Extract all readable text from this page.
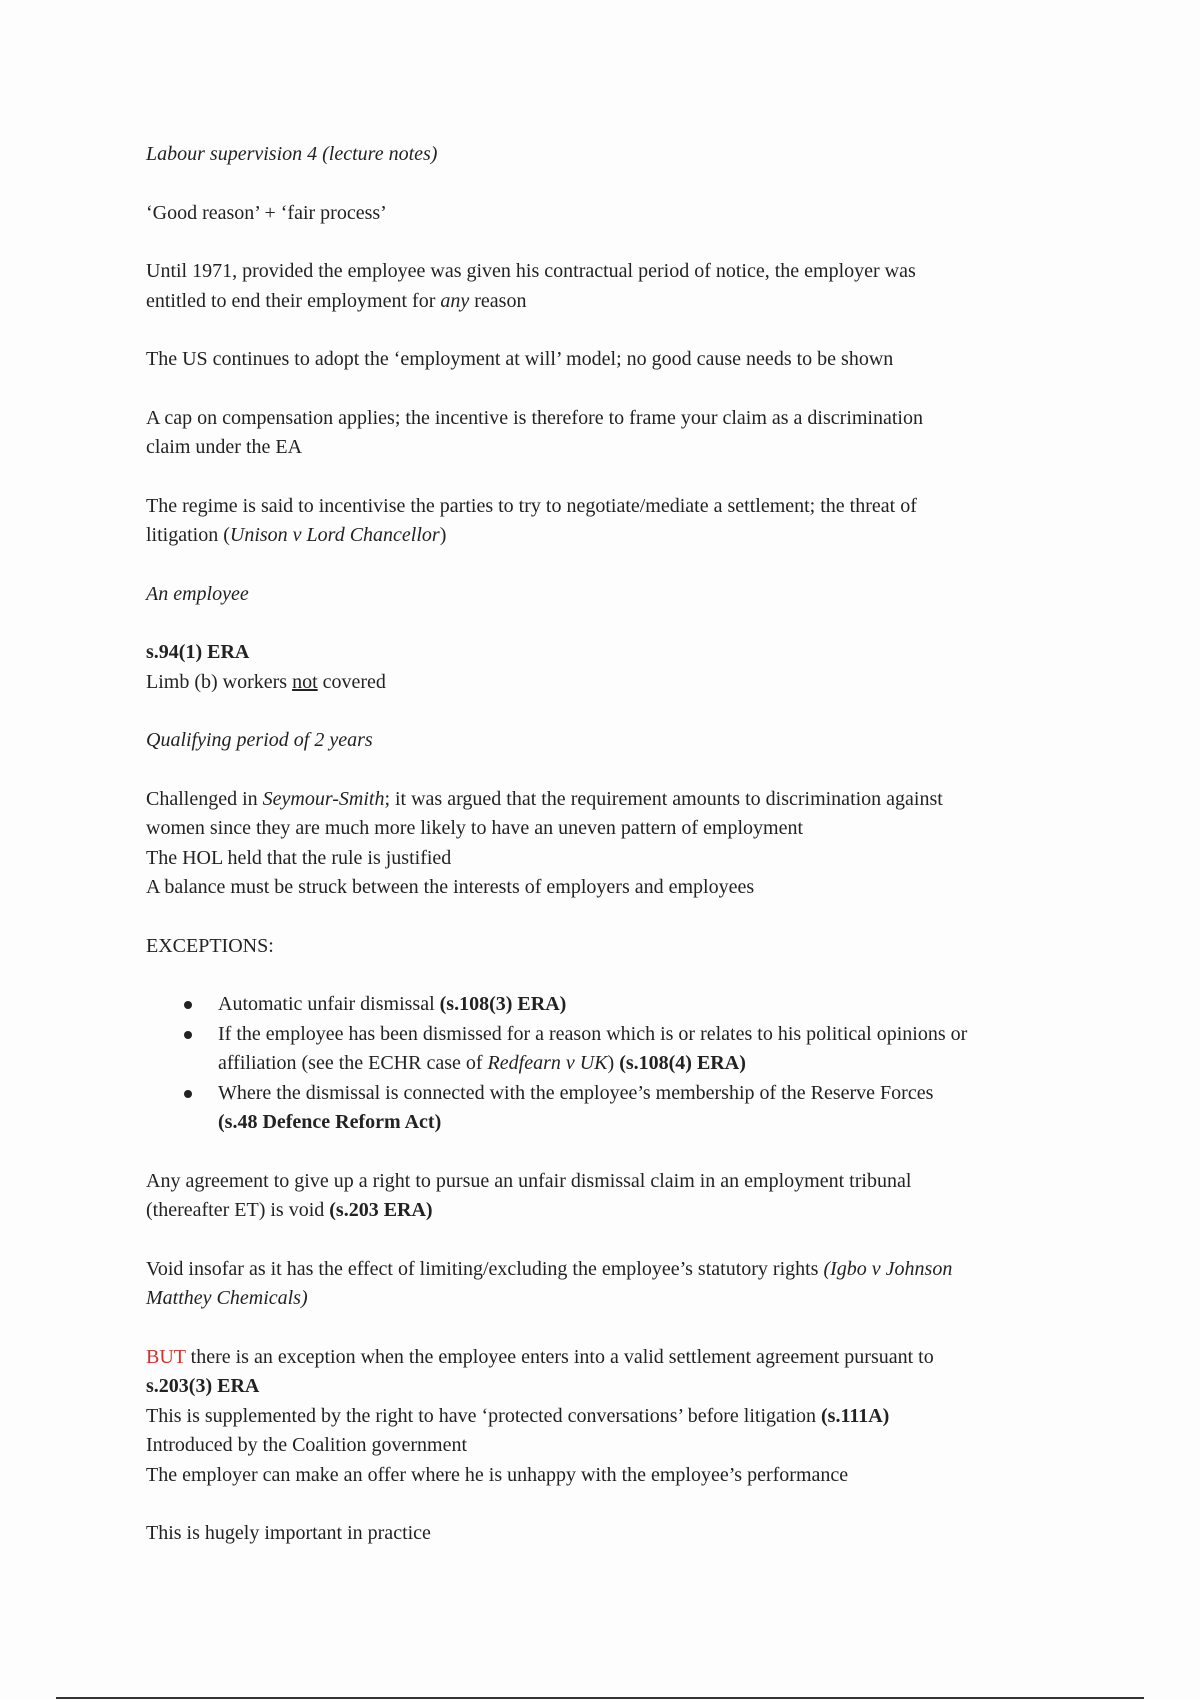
Labour supervision 4 (lecture notes)

‘Good reason’ + ‘fair process’

Until 1971, provided the employee was given his contractual period of notice, the employer was
entitled to end their employment for any reason

The US continues to adopt the ‘employment at will’ model; no good cause needs to be shown

A cap on compensation applies; the incentive is therefore to frame your claim as a discrimination
claim under the EA

The regime is said to incentivise the parties to try to negotiate/mediate a settlement; the threat of
litigation (Unison v Lord Chancellor)

An employee

s.94(1) ERA
Limb (b) workers not covered

Qualifying period of 2 years

Challenged in Seymour-Smith; it was argued that the requirement amounts to discrimination against
women since they are much more likely to have an uneven pattern of employment
The HOL held that the rule is justified
A balance must be struck between the interests of employers and employees

EXCEPTIONS:

Automatic unfair dismissal (s.108(3) ERA)
If the employee has been dismissed for a reason which is or relates to his political opinions or
affiliation (see the ECHR case of Redfearn v UK) (s.108(4) ERA)
Where the dismissal is connected with the employee’s membership of the Reserve Forces
(s.48 Defence Reform Act)

Any agreement to give up a right to pursue an unfair dismissal claim in an employment tribunal
(thereafter ET) is void (s.203 ERA)

Void insofar as it has the effect of limiting/excluding the employee’s statutory rights (Igbo v Johnson
Matthey Chemicals)

BUT there is an exception when the employee enters into a valid settlement agreement pursuant to
s.203(3) ERA
This is supplemented by the right to have ‘protected conversations’ before litigation (s.111A)
Introduced by the Coalition government
The employer can make an offer where he is unhappy with the employee’s performance

This is hugely important in practice
